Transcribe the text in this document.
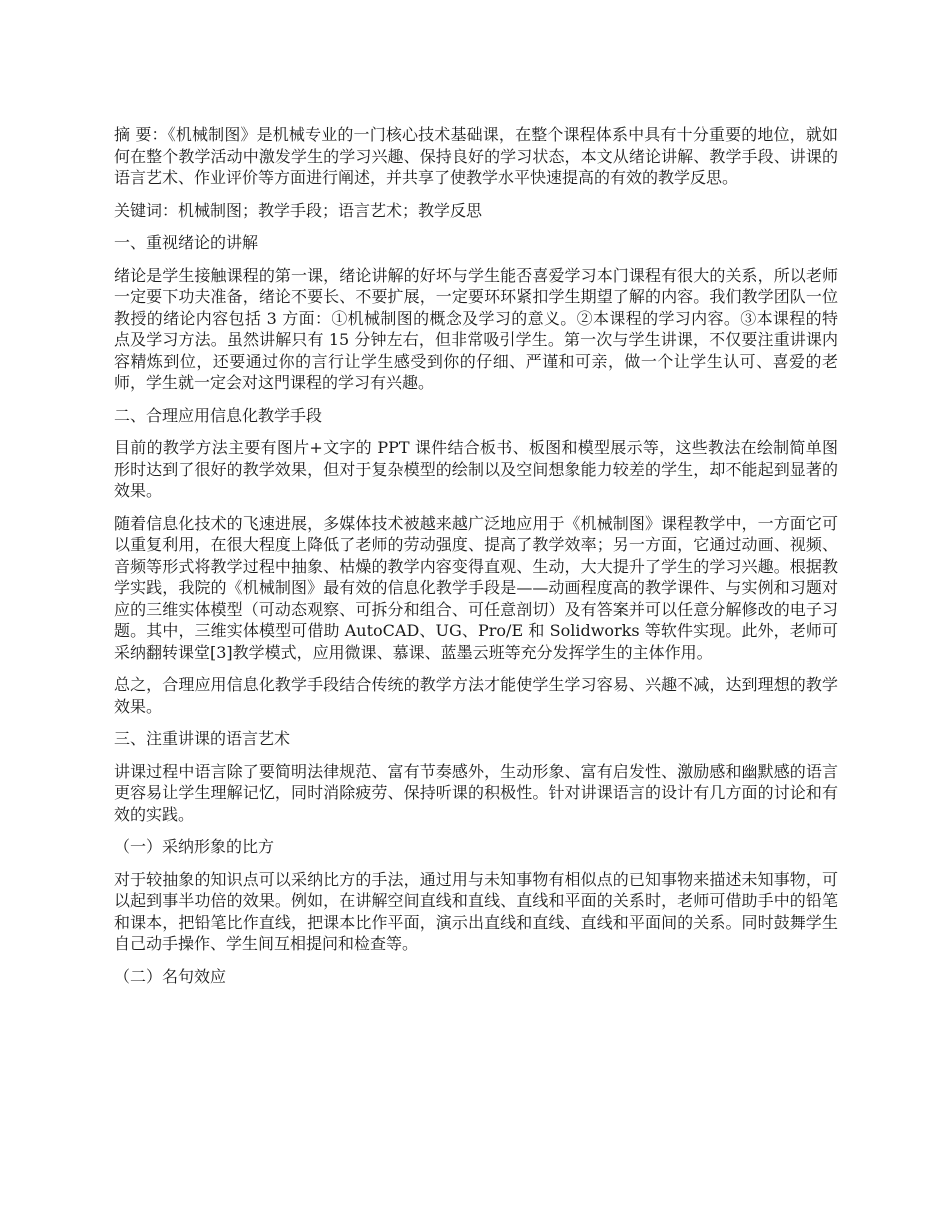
摘 要：《机械制图》是机械专业的一门核心技术基础课，在整个课程体系中具有十分重要的地位，就如何在整个教学活动中激发学生的学习兴趣、保持良好的学习状态，本文从绪论讲解、教学手段、讲课的语言艺术、作业评价等方面进行阐述，并共享了使教学水平快速提高的有效的教学反思。

关键词：机械制图；教学手段；语言艺术；教学反思

一、重视绪论的讲解

绪论是学生接触课程的第一课，绪论讲解的好坏与学生能否喜爱学习本门课程有很大的关系，所以老师一定要下功夫准备，绪论不要长、不要扩展，一定要环环紧扣学生期望了解的内容。我们教学团队一位教授的绪论内容包括 3 方面：①机械制图的概念及学习的意义。②本课程的学习内容。③本课程的特点及学习方法。虽然讲解只有 15 分钟左右，但非常吸引学生。第一次与学生讲课，不仅要注重讲课内容精炼到位，还要通过你的言行让学生感受到你的仔细、严谨和可亲，做一个让学生认可、喜爱的老师，学生就一定会对这門课程的学习有兴趣。

二、合理应用信息化教学手段

目前的教学方法主要有图片+文字的 PPT 课件结合板书、板图和模型展示等，这些教法在绘制简单图形时达到了很好的教学效果，但对于复杂模型的绘制以及空间想象能力较差的学生，却不能起到显著的效果。

随着信息化技术的飞速进展，多媒体技术被越来越广泛地应用于《机械制图》课程教学中，一方面它可以重复利用，在很大程度上降低了老师的劳动强度、提高了教学效率；另一方面，它通过动画、视频、音频等形式将教学过程中抽象、枯燥的教学内容变得直观、生动，大大提升了学生的学习兴趣。根据教学实践，我院的《机械制图》最有效的信息化教学手段是——动画程度高的教学课件、与实例和习题对应的三维实体模型（可动态观察、可拆分和组合、可任意剖切）及有答案并可以任意分解修改的电子习题。其中，三维实体模型可借助 AutoCAD、UG、Pro/E 和 Solidworks 等软件实现。此外，老师可采纳翻转课堂[3]教学模式，应用微课、慕课、蓝墨云班等充分发挥学生的主体作用。

总之，合理应用信息化教学手段结合传统的教学方法才能使学生学习容易、兴趣不减，达到理想的教学效果。

三、注重讲课的语言艺术

讲课过程中语言除了要简明法律规范、富有节奏感外，生动形象、富有启发性、激励感和幽默感的语言更容易让学生理解记忆，同时消除疲劳、保持听课的积极性。针对讲课语言的设计有几方面的讨论和有效的实践。

（一）采纳形象的比方

对于较抽象的知识点可以采纳比方的手法，通过用与未知事物有相似点的已知事物来描述未知事物，可以起到事半功倍的效果。例如，在讲解空间直线和直线、直线和平面的关系时，老师可借助手中的铅笔和课本，把铅笔比作直线，把课本比作平面，演示出直线和直线、直线和平面间的关系。同时鼓舞学生自己动手操作、学生间互相提问和检查等。

（二）名句效应
